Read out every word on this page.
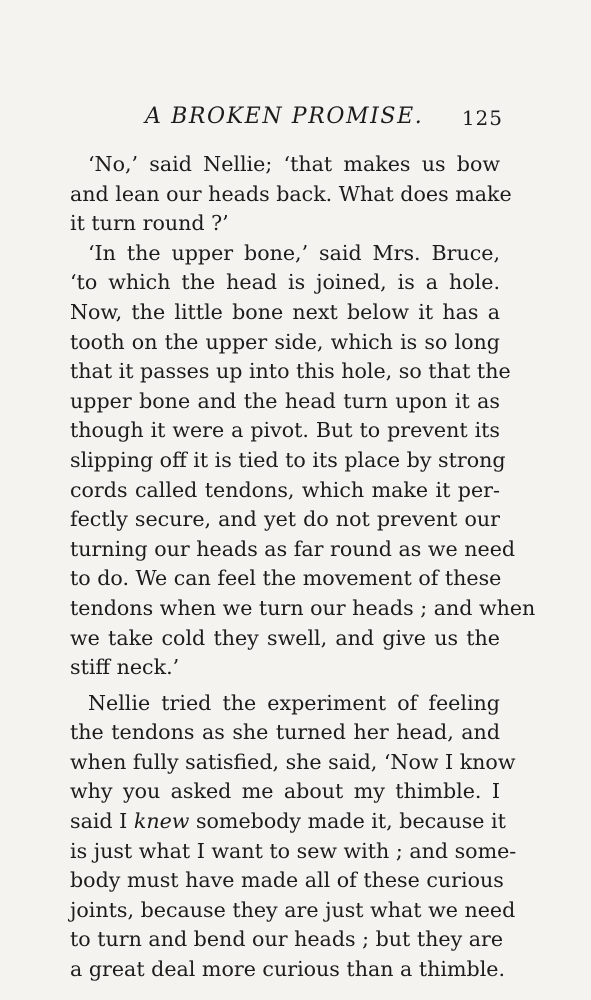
A BROKEN PROMISE. 125
‘No,’ said Nellie; ‘that makes us bow
and lean our heads back. What does make
it turn round ?’
‘In the upper bone,’ said Mrs. Bruce,
‘to which the head is joined, is a hole.
Now, the little bone next below it has a
tooth on the upper side, which is so long
that it passes up into this hole, so that the
upper bone and the head turn upon it as
though it were a pivot. But to prevent its
slipping off it is tied to its place by strong
cords called tendons, which make it per-
fectly secure, and yet do not prevent our
turning our heads as far round as we need
to do. We can feel the movement of these
tendons when we turn our heads ; and when
we take cold they swell, and give us the
stiff neck.’
Nellie tried the experiment of feeling
the tendons as she turned her head, and
when fully satisfied, she said, ‘Now I know
why you asked me about my thimble. I
said I knew somebody made it, because it
is just what I want to sew with ; and some-
body must have made all of these curious
joints, because they are just what we need
to turn and bend our heads ; but they are
a great deal more curious than a thimble.
